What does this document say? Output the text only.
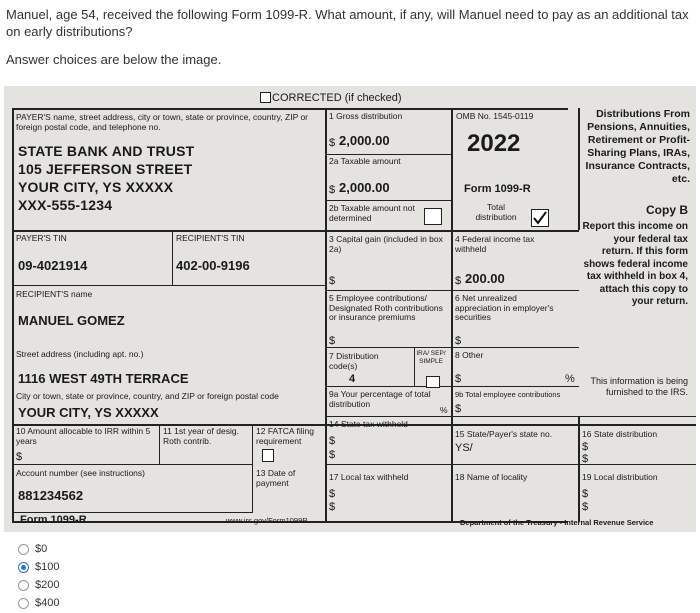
Manuel, age 54, received the following Form 1099-R. What amount, if any, will Manuel need to pay as an additional tax on early distributions?
Answer choices are below the image.
CORRECTED (if checked)
PAYER'S name, street address, city or town, state or province, country, ZIP or foreign postal code, and telephone no.
STATE BANK AND TRUST
105 JEFFERSON STREET
YOUR CITY, YS XXXXX
XXX-555-1234
1 Gross distribution
$ 2,000.00
2a Taxable amount
$ 2,000.00
2b Taxable amount not determined
OMB No. 1545-0119
2022
Form 1099-R
Total distribution
Distributions From Pensions, Annuities, Retirement or Profit-Sharing Plans, IRAs, Insurance Contracts, etc.
Copy B
Report this income on your federal tax return. If this form shows federal income tax withheld in box 4, attach this copy to your return.
This information is being furnished to the IRS.
PAYER'S TIN
09-4021914
RECIPIENT'S TIN
402-00-9196
3 Capital gain (included in box 2a)
$
4 Federal income tax withheld
$ 200.00
RECIPIENT'S name
MANUEL GOMEZ
5 Employee contributions/ Designated Roth contributions or insurance premiums
$
6 Net unrealized appreciation in employer's securities
$
Street address (including apt. no.)
1116 WEST 49TH TERRACE
7 Distribution code(s)
4
IRA/ SEP/ SIMPLE
8 Other
$	%
City or town, state or province, country, and ZIP or foreign postal code
YOUR CITY, YS XXXXX
9a Your percentage of total distribution
%
9b Total employee contributions
$
10 Amount allocable to IRR within 5 years
$
11 1st year of desig. Roth contrib.
12 FATCA filing requirement
14 State tax withheld
$
$
15 State/Payer's state no.
YS/
16 State distribution
$
$
Account number (see instructions)
881234562
13 Date of payment
17 Local tax withheld
$
$
18 Name of locality	19 Local distribution
$
$
Form 1099-R	www.irs.gov/Form1099R	Department of the Treasury - Internal Revenue Service
$0
$100
$200
$400
